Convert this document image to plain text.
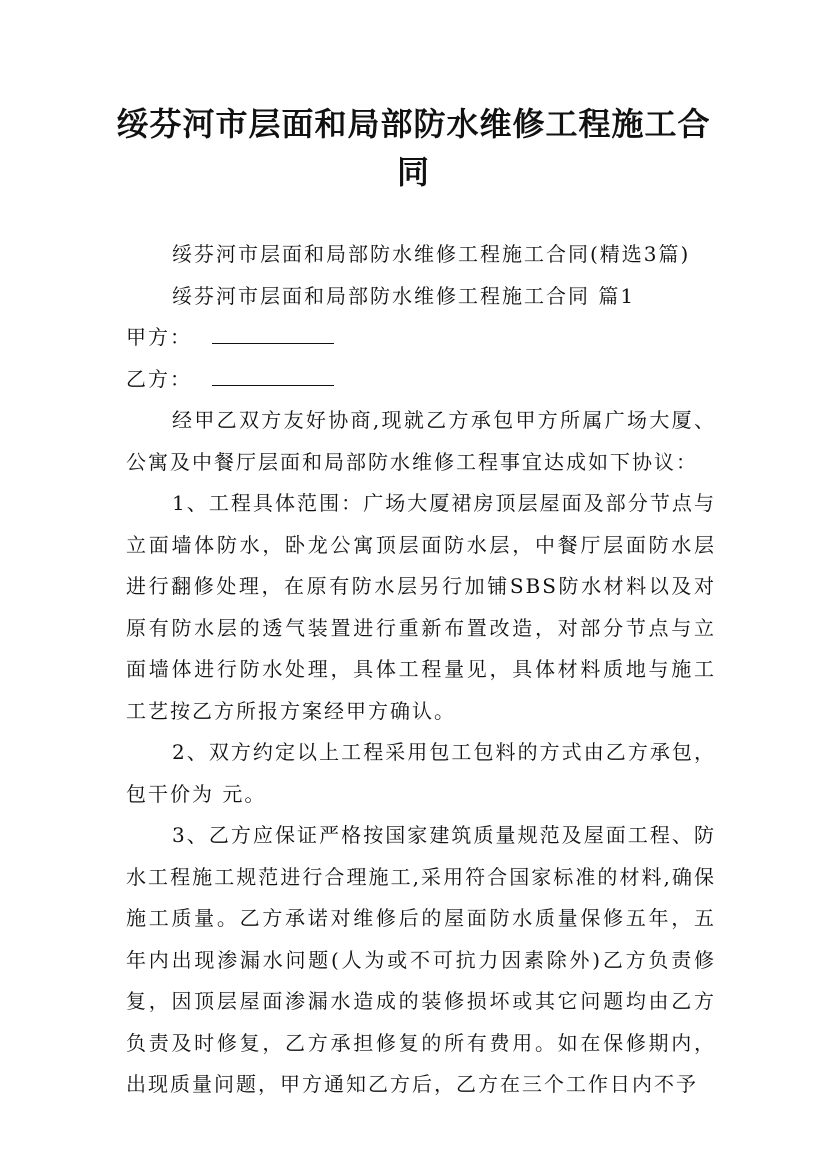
绥芬河市层面和局部防水维修工程施工合同

绥芬河市层面和局部防水维修工程施工合同(精选3篇)

绥芬河市层面和局部防水维修工程施工合同 篇1

甲方：

乙方：

经甲乙双方友好协商,现就乙方承包甲方所属广场大厦、公寓及中餐厅层面和局部防水维修工程事宜达成如下协议：

1、工程具体范围：广场大厦裙房顶层屋面及部分节点与立面墙体防水，卧龙公寓顶层面防水层，中餐厅层面防水层进行翻修处理，在原有防水层另行加铺SBS防水材料以及对原有防水层的透气装置进行重新布置改造，对部分节点与立面墙体进行防水处理，具体工程量见，具体材料质地与施工工艺按乙方所报方案经甲方确认。

2、双方约定以上工程采用包工包料的方式由乙方承包，包干价为 元。

3、乙方应保证严格按国家建筑质量规范及屋面工程、防水工程施工规范进行合理施工,采用符合国家标准的材料,确保施工质量。乙方承诺对维修后的屋面防水质量保修五年，五年内出现渗漏水问题(人为或不可抗力因素除外)乙方负责修复，因顶层屋面渗漏水造成的装修损坏或其它问题均由乙方负责及时修复，乙方承担修复的所有费用。如在保修期内，出现质量问题，甲方通知乙方后，乙方在三个工作日内不予
